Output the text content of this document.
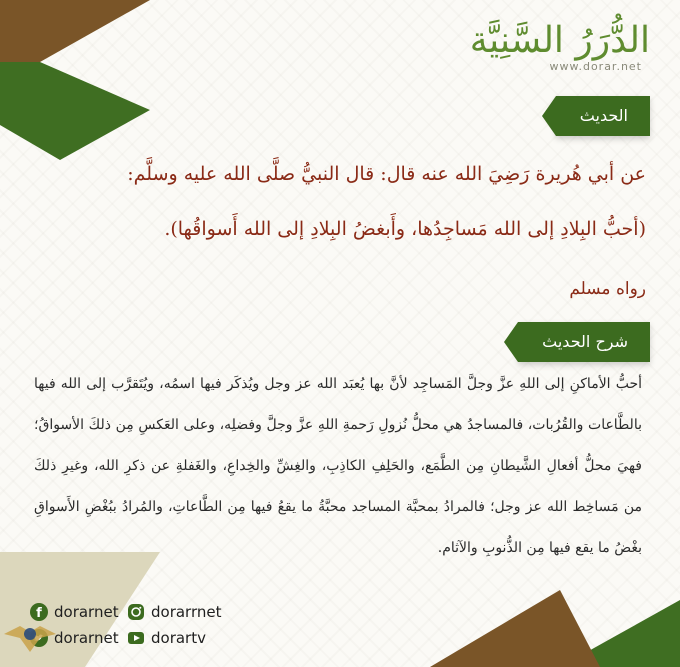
الدُّرَرُ السَّنِيَّة
www.dorar.net
الحديث
عن أبي هُريرة رَضِيَ الله عنه قال: قال النبيُّ صلَّى الله عليه وسلَّم:
(أحبُّ البِلادِ إلى الله مَساجِدُها، وأَبغضُ البِلادِ إلى الله أَسواقُها).
رواه مسلم
شرح الحديث
أحبُّ الأماكنِ إلى اللهِ عزَّ وجلَّ المَساجِد لأنَّ بها يُعبَد الله عز وجل ويُذكَر فيها اسمُه، ويُتَقرَّب إلى الله فيها بالطَّاعات والقُرُبات، فالمساجدُ هي محلُّ نُزولِ رَحمةِ اللهِ عزَّ وجلَّ وفضلِه، وعلى العَكسِ مِن ذلكَ الأسواقُ؛ فهيَ محلُّ أفعالِ الشَّيطانِ مِن الطَّمَع، والحَلِفِ الكاذِبِ، والغِشِّ والخِداعِ، والغَفلةِ عن ذكرِ الله، وغيرِ ذلكَ من مَساخِط الله عز وجل؛ فالمرادُ بمحبَّة المساجد محبَّةُ ما يقعُ فيها مِن الطَّاعاتِ، والمُرادُ ببُغْضِ الأَسواقِ بغْضُ ما يقع فيها مِن الذُّنوبِ والآثام.
f dorarnet dorarrnet
dorarnet dorartv
